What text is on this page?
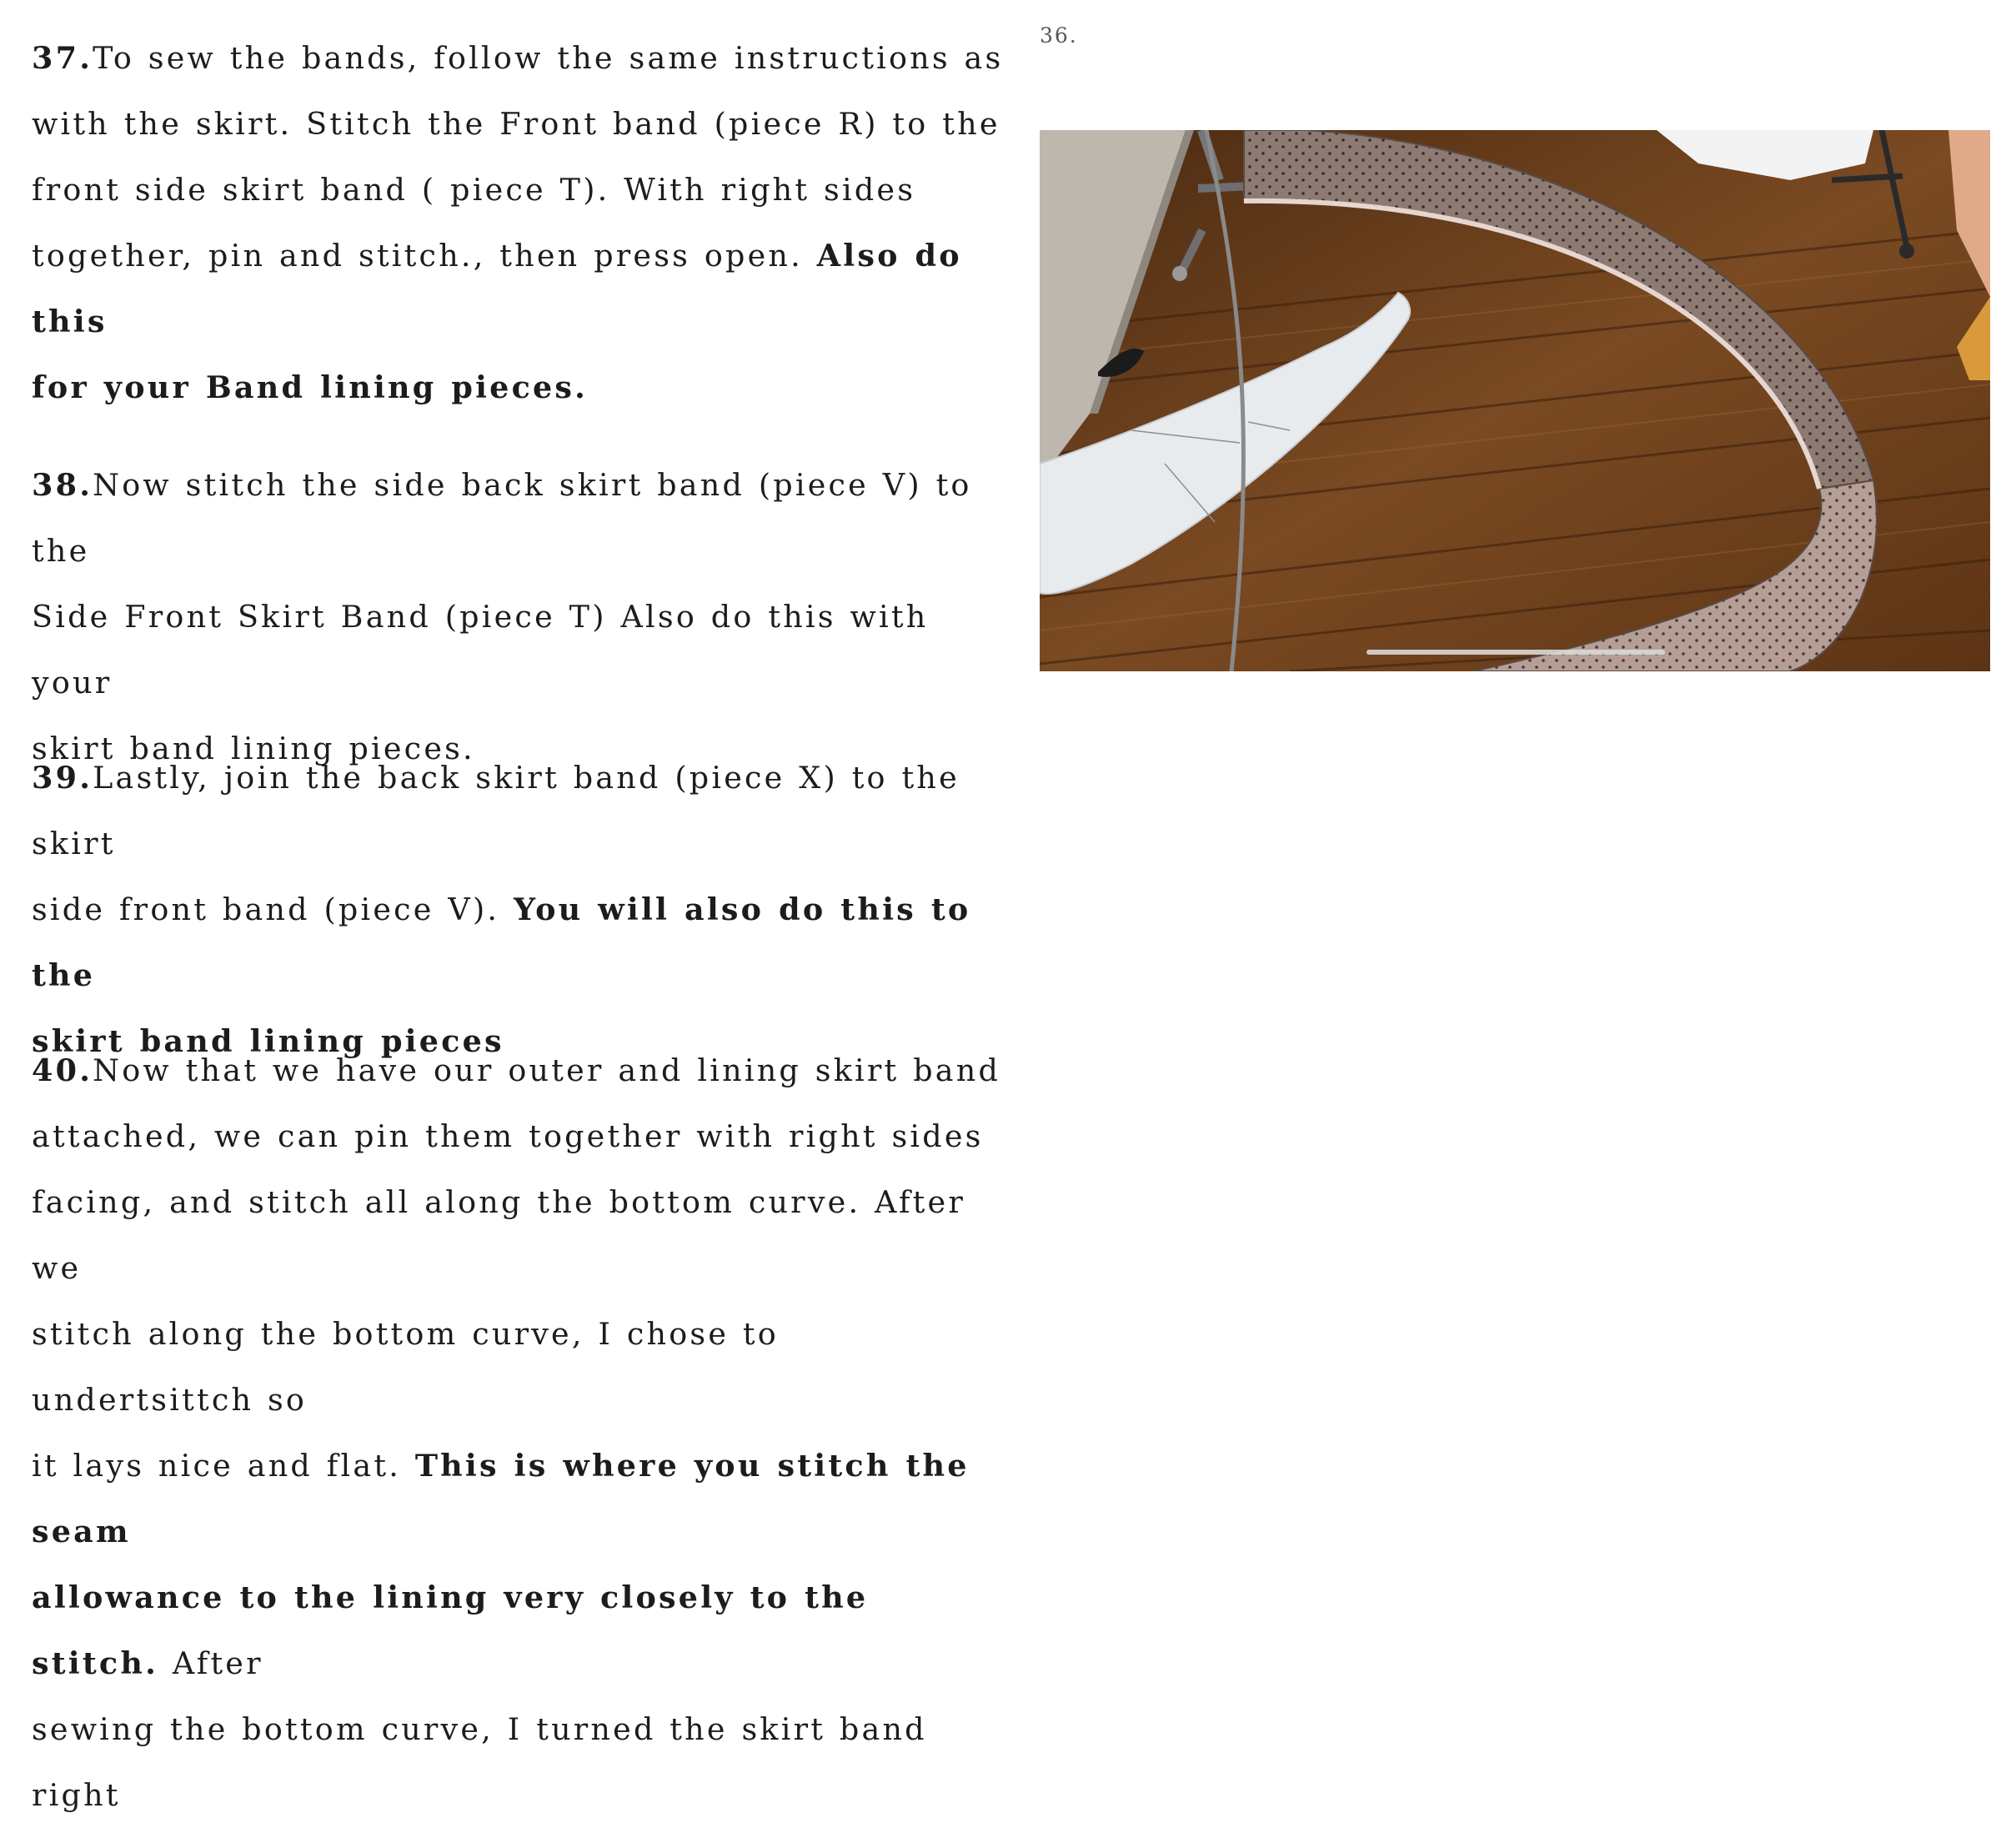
36.

37.To sew the bands, follow the same instructions as
with the skirt. Stitch the Front band (piece R) to the
front side skirt band ( piece T). With right sides
together, pin and stitch., then press open. Also do this
for your Band lining pieces.

38.Now stitch the side back skirt band (piece V) to the
Side Front Skirt Band (piece T) Also do this with your
skirt band lining pieces.

39.Lastly, join the back skirt band (piece X) to the skirt
side front band (piece V). You will also do this to the
skirt band lining pieces

40.Now that we have our outer and lining skirt band
attached, we can pin them together with right sides
facing, and stitch all along the bottom curve. After we
stitch along the bottom curve, I chose to undertsittch so
it lays nice and flat. This is where you stitch the seam
allowance to the lining very closely to the stitch. After
sewing the bottom curve, I turned the skirt band right
